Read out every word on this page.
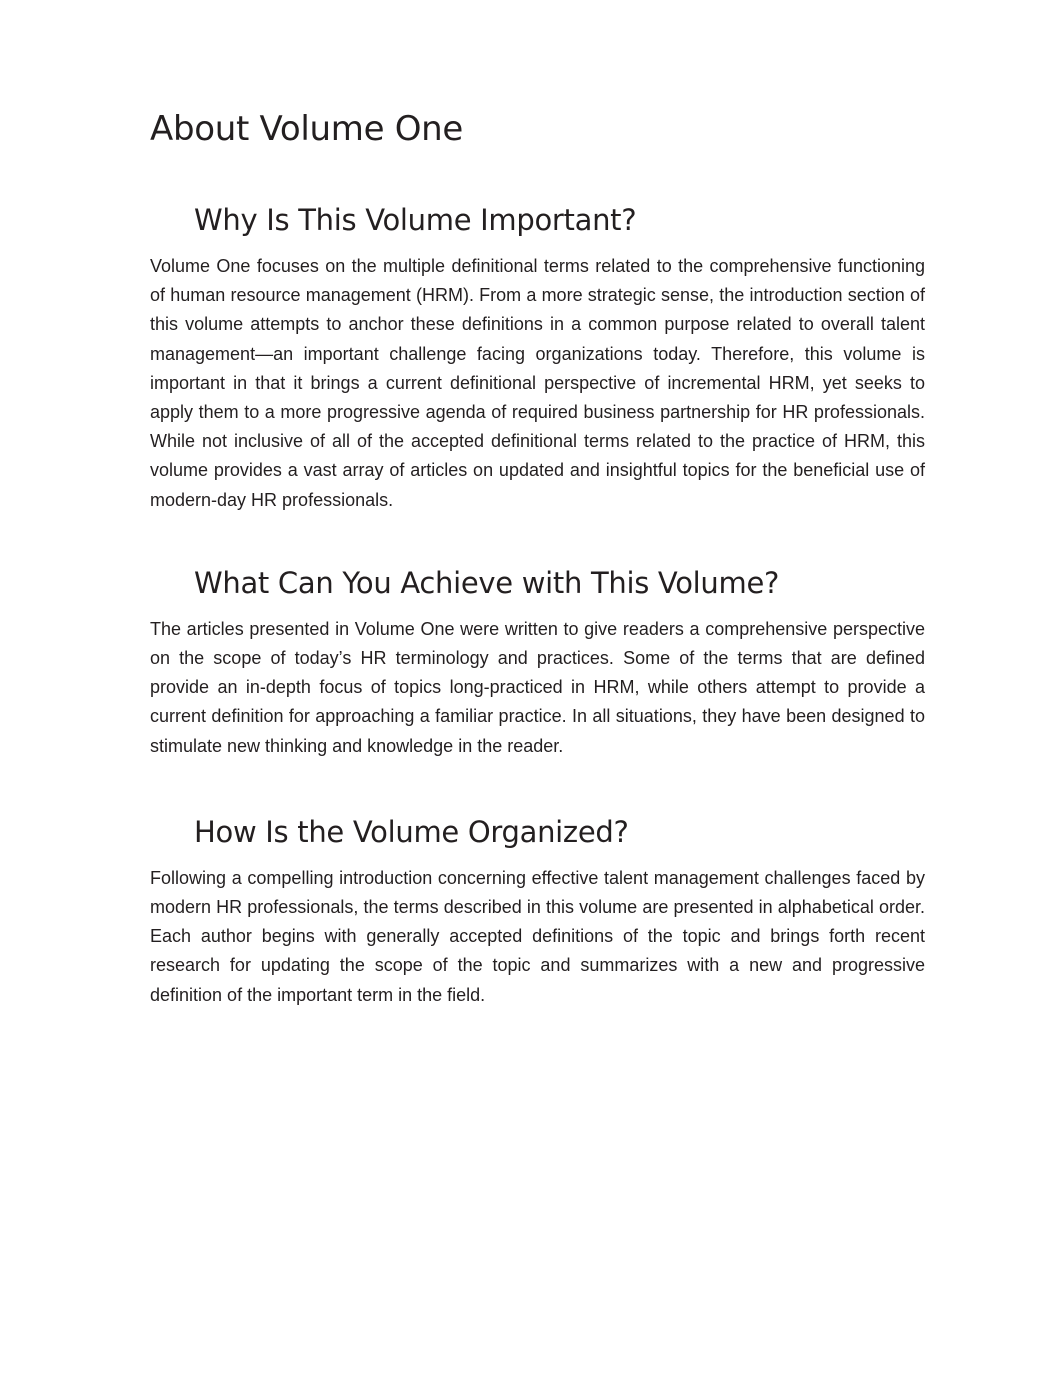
About Volume One
Why Is This Volume Important?

Volume One focuses on the multiple definitional terms related to the comprehensive functioning of human resource management (HRM). From a more strategic sense, the introduction section of this volume attempts to anchor these definitions in a common purpose related to overall talent management—an important challenge facing organizations today. Therefore, this volume is important in that it brings a current definitional perspective of incremental HRM, yet seeks to apply them to a more progressive agenda of required business partnership for HR professionals. While not inclusive of all of the accepted definitional terms related to the practice of HRM, this volume provides a vast array of articles on updated and insightful topics for the beneficial use of modern-day HR professionals.

What Can You Achieve with This Volume?

The articles presented in Volume One were written to give readers a comprehensive perspective on the scope of today’s HR terminology and practices. Some of the terms that are defined provide an in-depth focus of topics long-practiced in HRM, while others attempt to provide a current definition for approaching a familiar practice. In all situations, they have been designed to stimulate new thinking and knowledge in the reader.

How Is the Volume Organized?

Following a compelling introduction concerning effective talent management challenges faced by modern HR professionals, the terms described in this volume are presented in alphabetical order. Each author begins with generally accepted definitions of the topic and brings forth recent research for updating the scope of the topic and summarizes with a new and progressive definition of the important term in the field.
